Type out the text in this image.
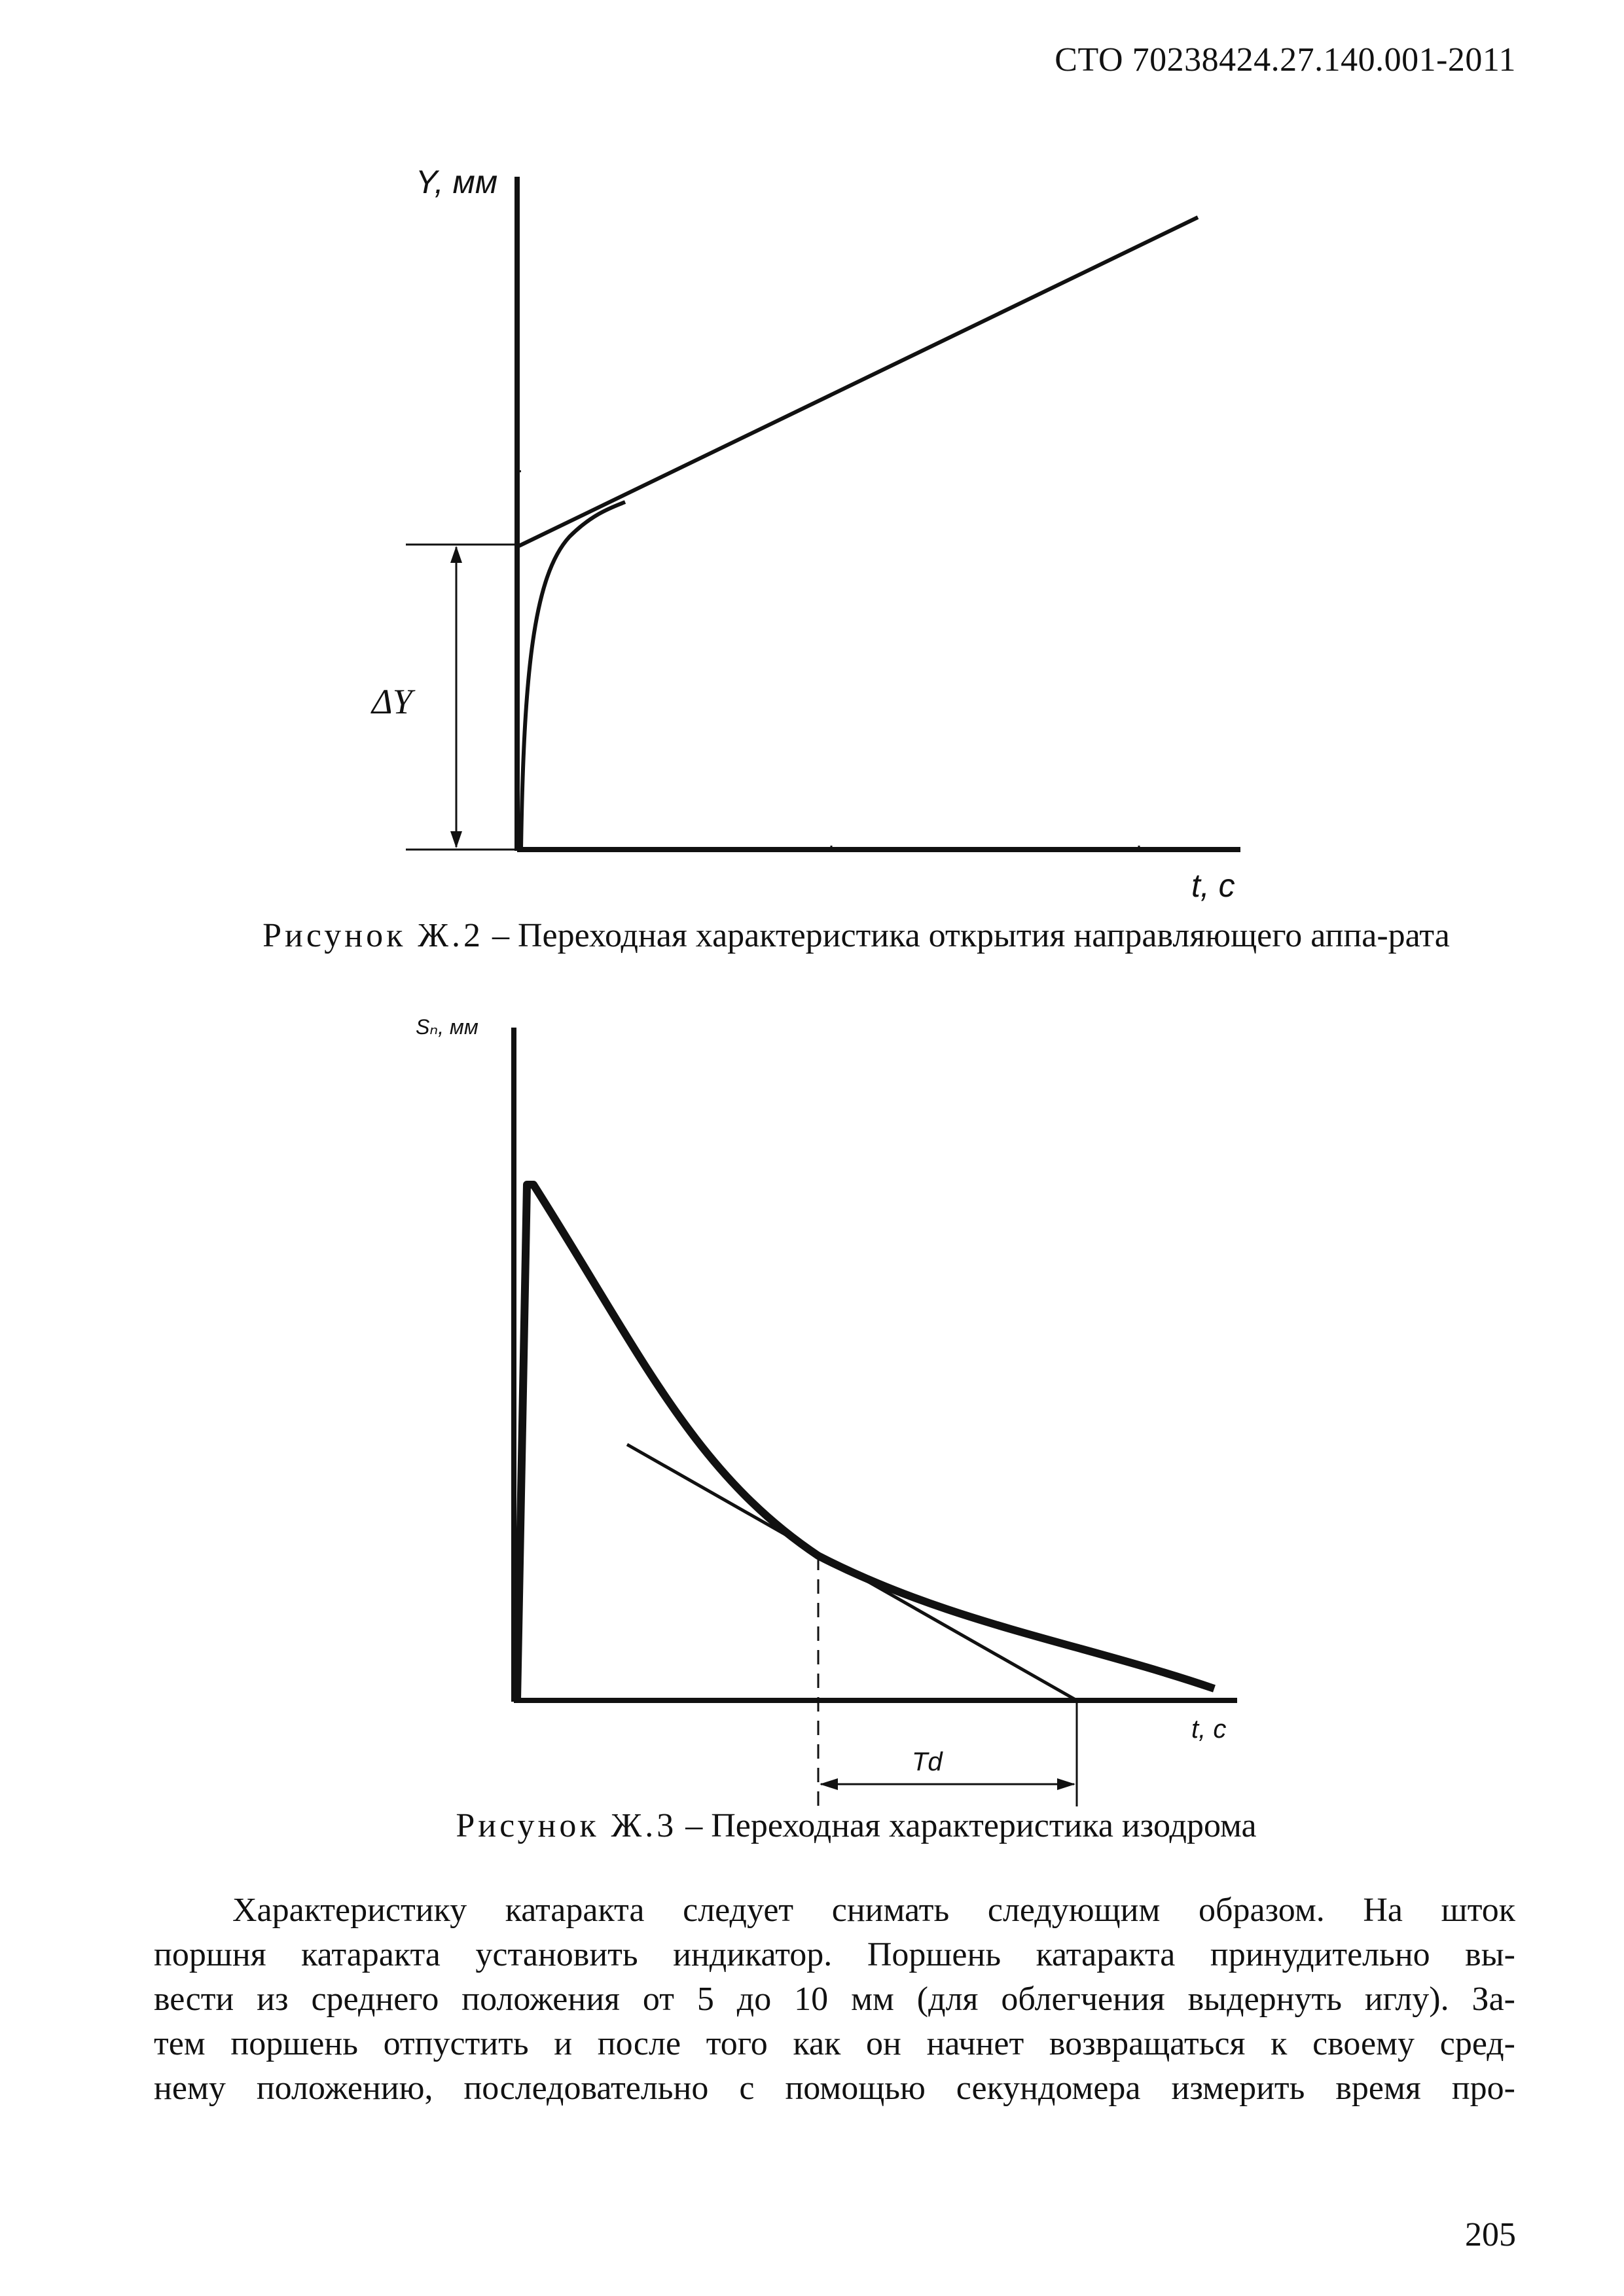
СТО 70238424.27.140.001-2011
Y, мм
t, с
ΔY
Рисунок Ж.2 – Переходная характеристика открытия направляющего аппа-рата
Sₙ, мм
t, с
Td
Рисунок Ж.3 – Переходная характеристика изодрома
Характеристику катаракта следует снимать следующим образом. На шток
поршня катаракта установить индикатор. Поршень катаракта принудительно вы-
вести из среднего положения от 5 до 10 мм (для облегчения выдернуть иглу). За-
тем поршень отпустить и после того как он начнет возвращаться к своему сред-
нему положению, последовательно с помощью секундомера измерить время про-
205
